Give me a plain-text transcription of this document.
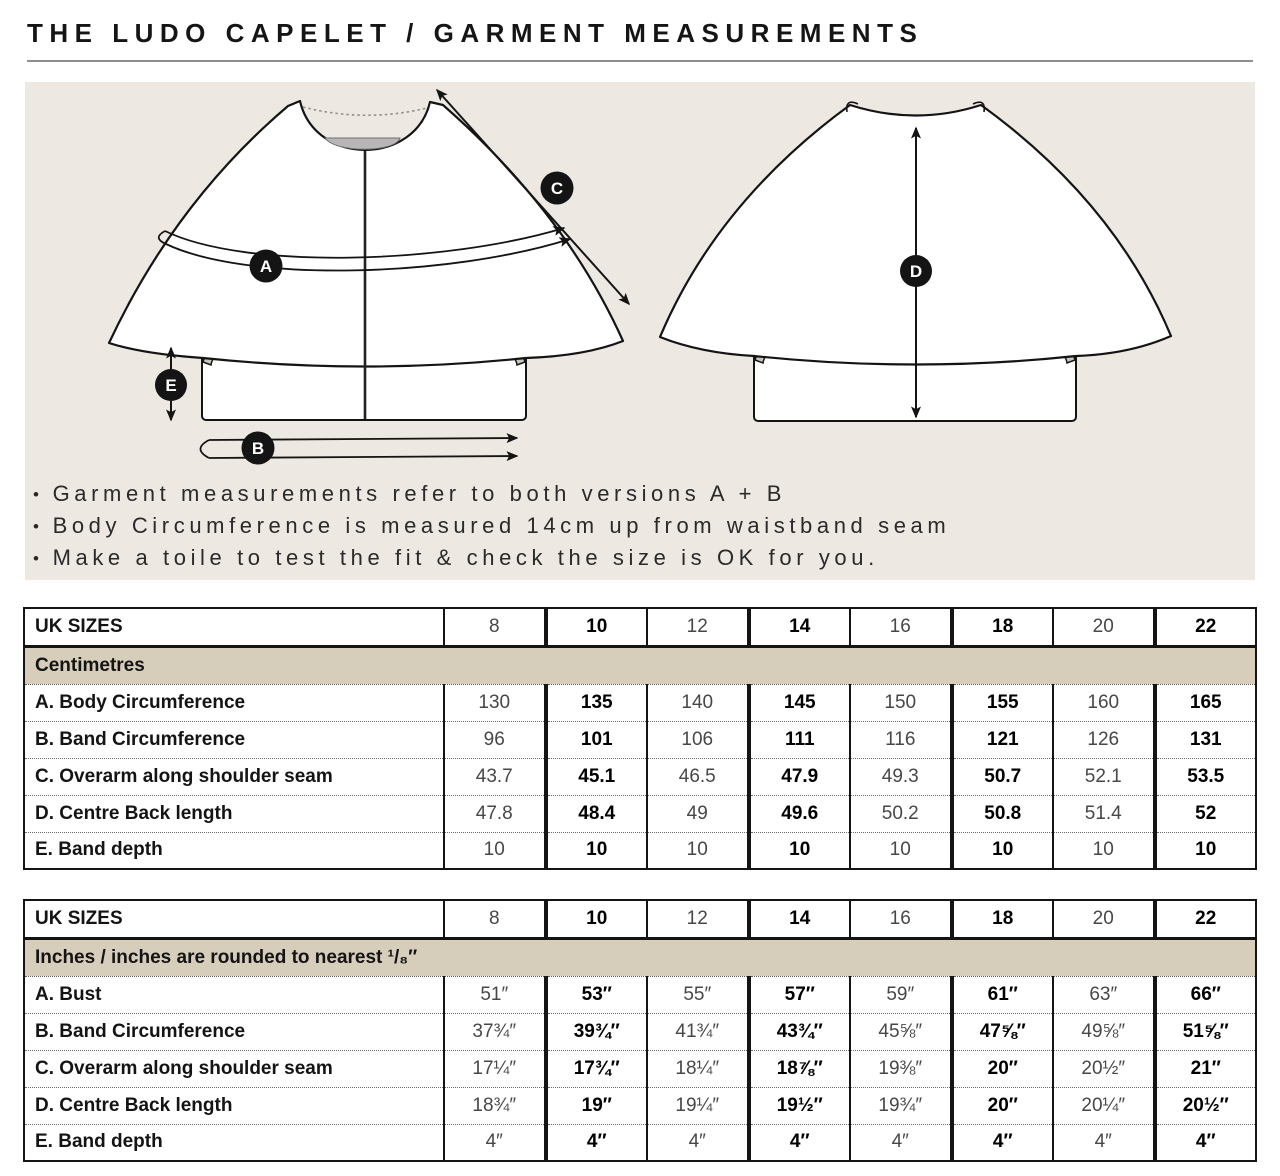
THE LUDO CAPELET / GARMENT MEASUREMENTS
A
C
E
B
D
• Garment measurements refer to both versions A + B
• Body Circumference is measured 14cm up from waistband seam
• Make a toile to test the fit & check the size is OK for you.
UK SIZES	8	10	12	14	16	18	20	22
Centimetres								
A. Body Circumference	130	135	140	145	150	155	160	165
B. Band Circumference	96	101	106	111	116	121	126	131
C. Overarm along shoulder seam	43.7	45.1	46.5	47.9	49.3	50.7	52.1	53.5
D. Centre Back length	47.8	48.4	49	49.6	50.2	50.8	51.4	52
E. Band depth	10	10	10	10	10	10	10	10
UK SIZES	8	10	12	14	16	18	20	22
Inches / inches are rounded to nearest ¹/₈″								
A. Bust	51″	53″	55″	57″	59″	61″	63″	66″
B. Band Circumference	37¾″	39¾″	41¾″	43¾″	45⅝″	47⅝″	49⅝″	51⅝″
C. Overarm along shoulder seam	17¼″	17¾″	18¼″	18⅞″	19⅜″	20″	20½″	21″
D. Centre Back length	18¾″	19″	19¼″	19½″	19¾″	20″	20¼″	20½″
E. Band depth	4″	4″	4″	4″	4″	4″	4″	4″
